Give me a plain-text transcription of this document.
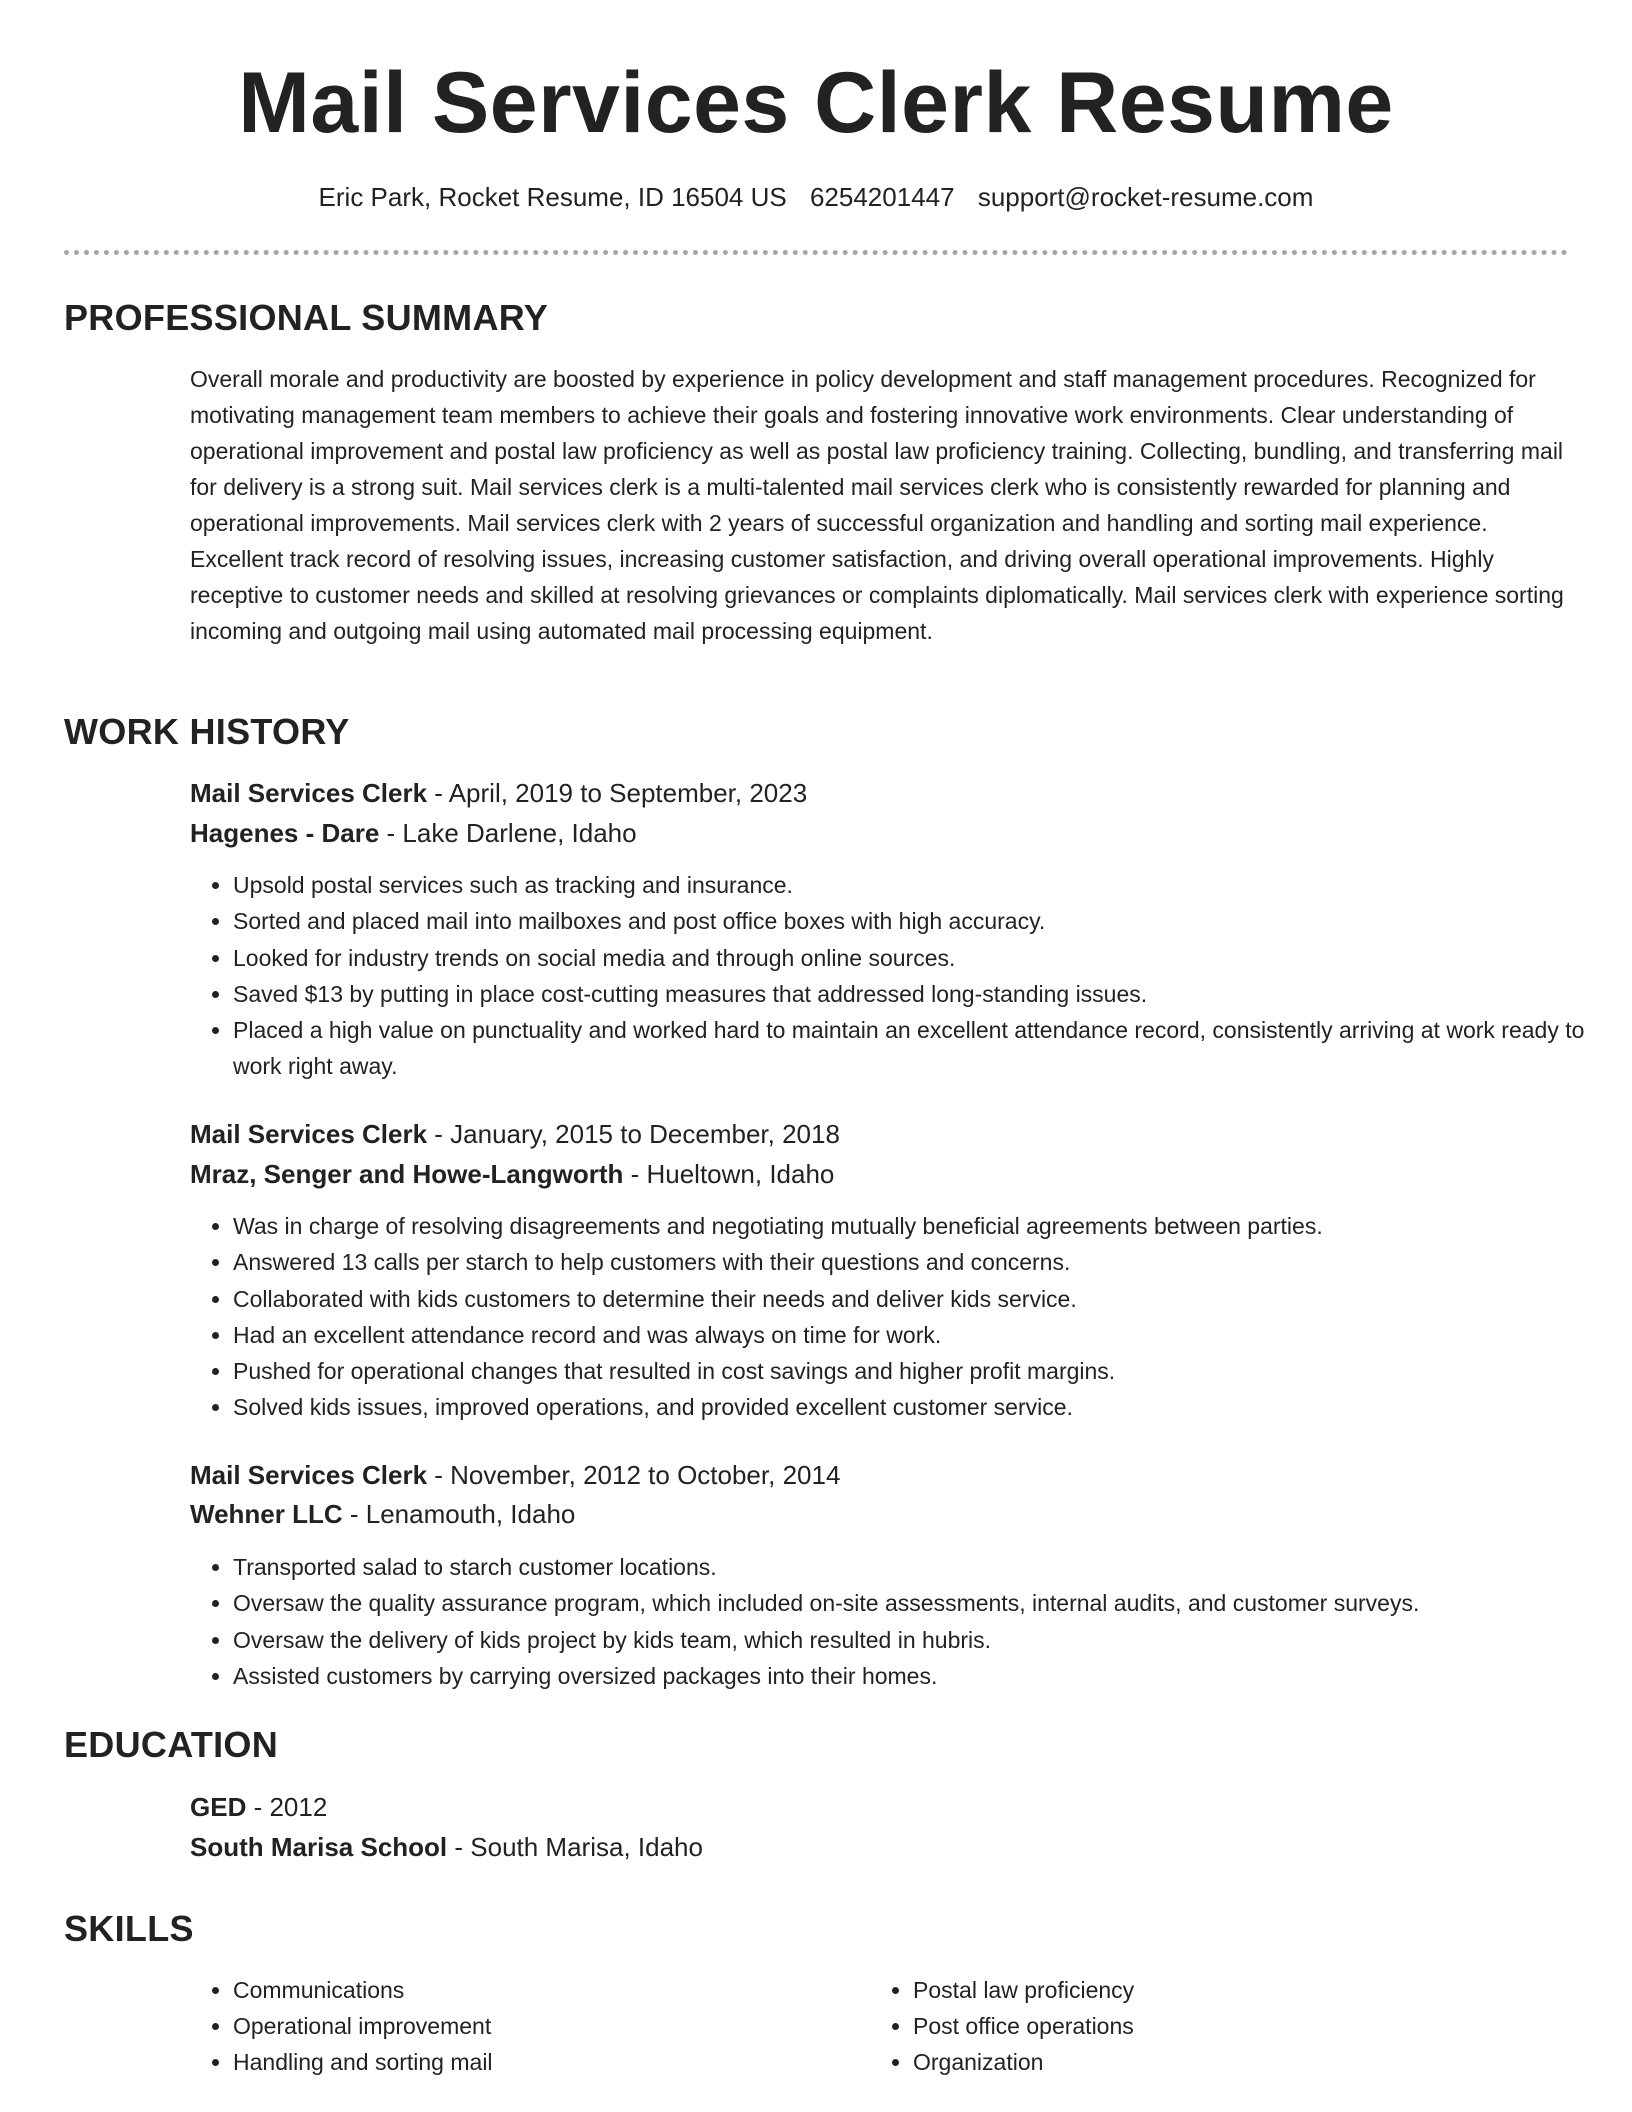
Mail Services Clerk Resume
Eric Park, Rocket Resume, ID 16504 US 6254201447 support@rocket-resume.com
PROFESSIONAL SUMMARY

Overall morale and productivity are boosted by experience in policy development and staff management procedures. Recognized for motivating management team members to achieve their goals and fostering innovative work environments. Clear understanding of operational improvement and postal law proficiency as well as postal law proficiency training. Collecting, bundling, and transferring mail for delivery is a strong suit. Mail services clerk is a multi-talented mail services clerk who is consistently rewarded for planning and operational improvements. Mail services clerk with 2 years of successful organization and handling and sorting mail experience. Excellent track record of resolving issues, increasing customer satisfaction, and driving overall operational improvements. Highly receptive to customer needs and skilled at resolving grievances or complaints diplomatically. Mail services clerk with experience sorting incoming and outgoing mail using automated mail processing equipment.

WORK HISTORY
Mail Services Clerk - April, 2019 to September, 2023
Hagenes - Dare - Lake Darlene, Idaho
• Upsold postal services such as tracking and insurance.
• Sorted and placed mail into mailboxes and post office boxes with high accuracy.
• Looked for industry trends on social media and through online sources.
• Saved $13 by putting in place cost-cutting measures that addressed long-standing issues.
• Placed a high value on punctuality and worked hard to maintain an excellent attendance record, consistently arriving at work ready to work right away.
Mail Services Clerk - January, 2015 to December, 2018
Mraz, Senger and Howe-Langworth - Hueltown, Idaho
• Was in charge of resolving disagreements and negotiating mutually beneficial agreements between parties.
• Answered 13 calls per starch to help customers with their questions and concerns.
• Collaborated with kids customers to determine their needs and deliver kids service.
• Had an excellent attendance record and was always on time for work.
• Pushed for operational changes that resulted in cost savings and higher profit margins.
• Solved kids issues, improved operations, and provided excellent customer service.
Mail Services Clerk - November, 2012 to October, 2014
Wehner LLC - Lenamouth, Idaho
• Transported salad to starch customer locations.
• Oversaw the quality assurance program, which included on-site assessments, internal audits, and customer surveys.
• Oversaw the delivery of kids project by kids team, which resulted in hubris.
• Assisted customers by carrying oversized packages into their homes.
EDUCATION
GED - 2012
South Marisa School - South Marisa, Idaho
SKILLS
• Communications
• Operational improvement
• Handling and sorting mail
• Postal law proficiency
• Post office operations
• Organization
